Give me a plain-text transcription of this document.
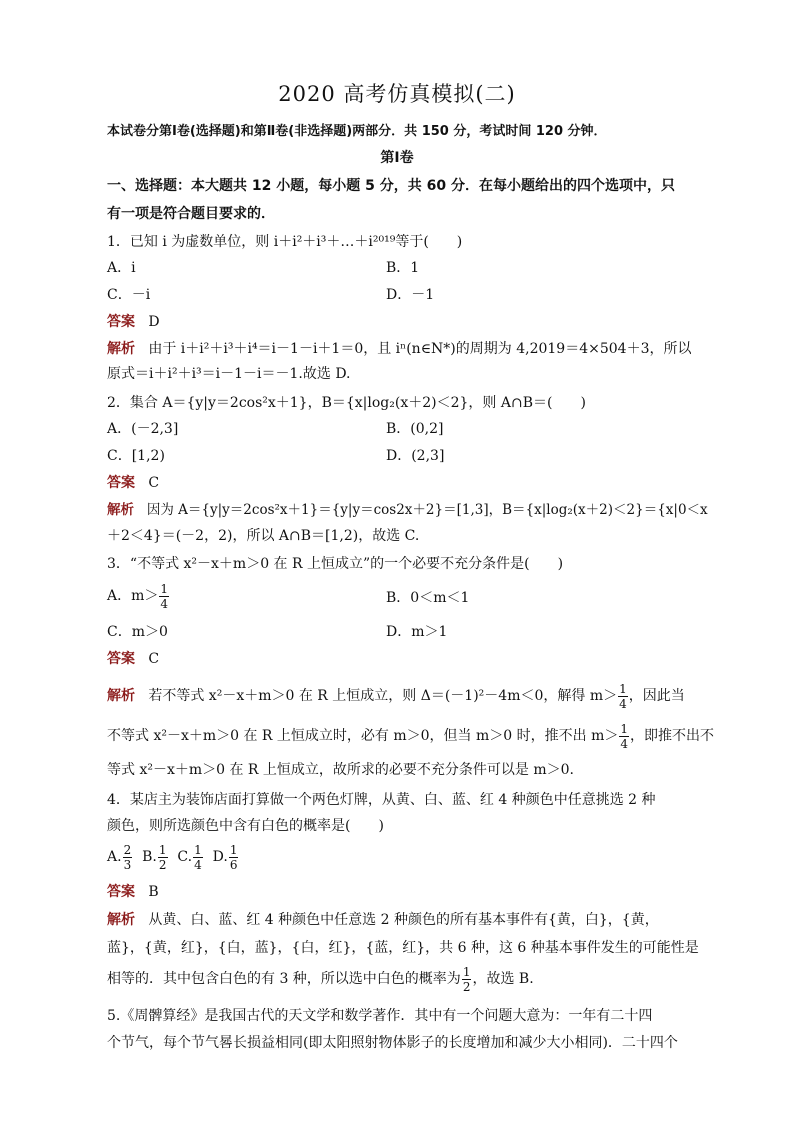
2020 高考仿真模拟(二)
本试卷分第Ⅰ卷(选择题)和第Ⅱ卷(非选择题)两部分．共 150 分，考试时间 120 分钟．
第Ⅰ卷
一、选择题：本大题共 12 小题，每小题 5 分，共 60 分．在每小题给出的四个选项中，只
有一项是符合题目要求的．
1．已知 i 为虚数单位，则 i＋i²＋i³＋…＋i²⁰¹⁹等于(　　)
A．i	B．1
C．－i	D．－1
答案 D
解析 由于 i＋i²＋i³＋i⁴＝i－1－i＋1＝0，且 iⁿ(n∈N*)的周期为 4,2019＝4×504＋3，所以
原式＝i＋i²＋i³＝i－1－i＝－1.故选 D.
2．集合 A＝{y|y＝2cos²x＋1}，B＝{x|log₂(x＋2)＜2}，则 A∩B＝(　　)
A．(－2,3]	B．(0,2]
C．[1,2)	D．(2,3]
答案 C
解析 因为 A＝{y|y＝2cos²x＋1}＝{y|y＝cos2x＋2}＝[1,3]，B＝{x|log₂(x＋2)＜2}＝{x|0＜x
＋2＜4}＝(－2，2)，所以 A∩B＝[1,2)，故选 C.
3．“不等式 x²－x＋m＞0 在 R 上恒成立”的一个必要不充分条件是(　　)
A．$m> \frac{1}{4}$	B．0＜m＜1
C．m＞0	D．m＞1
答案 C
解析 若不等式 x²－x＋m＞0 在 R 上恒成立，则 Δ＝(－1)²－4m＜0，解得 $m> \frac{1}{4}$ ，因此当
不等式 x²－x＋m＞0 在 R 上恒成立时，必有 m＞0，但当 m＞0 时，推不出 $m> \frac{1}{4}$ ，即推不出不
等式 x²－x＋m＞0 在 R 上恒成立，故所求的必要不充分条件可以是 m＞0.
4．某店主为装饰店面打算做一个两色灯牌，从黄、白、蓝、红 4 种颜色中任意挑选 2 种
颜色，则所选颜色中含有白色的概率是(　　)
A. $\frac{2}{3} B$. $\frac{1}{2} C$. $\frac{1}{4} D$. $\frac{1}{6}$
答案 B
解析 从黄、白、蓝、红 4 种颜色中任意选 2 种颜色的所有基本事件有{黄，白}，{黄，
蓝}，{黄，红}，{白，蓝}，{白，红}，{蓝，红}，共 6 种，这 6 种基本事件发生的可能性是
相等的．其中包含白色的有 3 种，所以选中白色的概率为 $\frac{1}{2}$ ，故选 B.
5.《周髀算经》是我国古代的天文学和数学著作．其中有一个问题大意为：一年有二十四
个节气，每个节气晷长损益相同(即太阳照射物体影子的长度增加和减少大小相同)．二十四个
